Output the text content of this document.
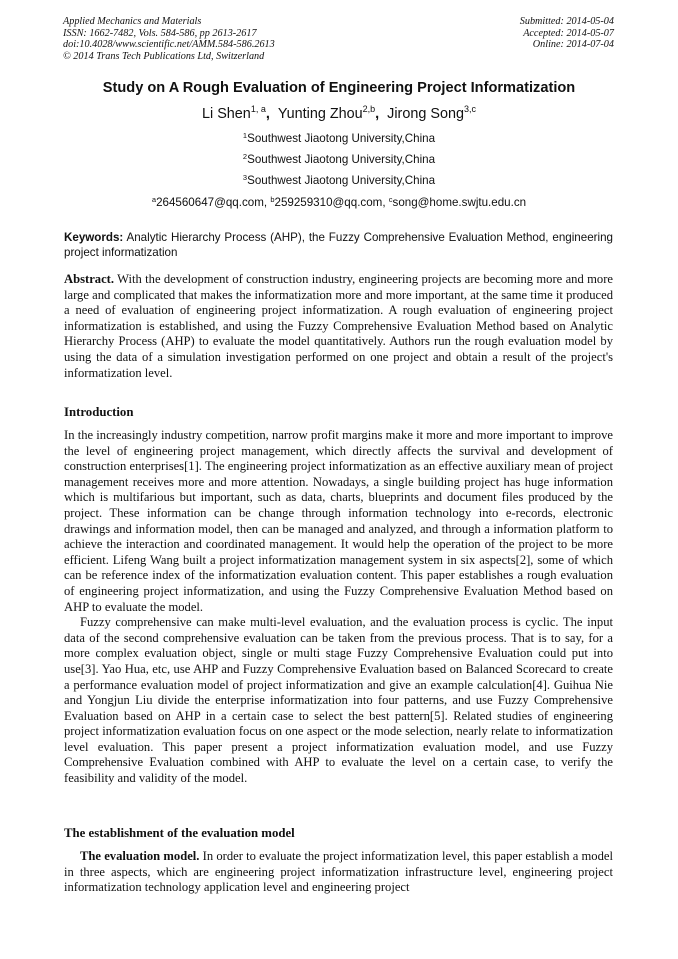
Applied Mechanics and Materials
ISSN: 1662-7482, Vols. 584-586, pp 2613-2617
doi:10.4028/www.scientific.net/AMM.584-586.2613
© 2014 Trans Tech Publications Ltd, Switzerland
Submitted: 2014-05-04
Accepted: 2014-05-07
Online: 2014-07-04
Study on A Rough Evaluation of Engineering Project Informatization
Li Shen$^{1, a}$,  Yunting Zhou$^{2,b}$,  Jirong Song$^{3,c}$
$^1$Southwest Jiaotong University,China
$^2$Southwest Jiaotong University,China
$^3$Southwest Jiaotong University,China
$^a$264560647@qq.com, $^b$259259310@qq.com, $^c$song@home.swjtu.edu.cn
Keywords: Analytic Hierarchy Process (AHP), the Fuzzy Comprehensive Evaluation Method, engineering project informatization

Abstract. With the development of construction industry, engineering projects are becoming more and more large and complicated that makes the informatization more and more important, at the same time it produced a need of evaluation of engineering project informatization. A rough evaluation of engineering project informatization is established, and using the Fuzzy Comprehensive Evaluation Method based on Analytic Hierarchy Process (AHP) to evaluate the model quantitatively. Authors run the rough evaluation model by using the data of a simulation investigation performed on one project and obtain a result of the project's informatization level.

Introduction

In the increasingly industry competition, narrow profit margins make it more and more important to improve the level of engineering project management, which directly affects the survival and development of construction enterprises[1]. The engineering project informatization as an effective auxiliary mean of project management receives more and more attention. Nowadays, a single building project has huge information which is multifarious but important, such as data, charts, blueprints and document files produced by the project. These information can be change through information technology into e-records, electronic drawings and information model, then can be managed and analyzed, and through a information platform to achieve the interaction and coordinated management. It would help the operation of the project to be more efficient. Lifeng Wang built a project informatization management system in six aspects[2], some of which can be reference index of the informatization evaluation content. This paper establishes a rough evaluation of engineering project informatization, and using the Fuzzy Comprehensive Evaluation Method based on AHP to evaluate the model.

Fuzzy comprehensive can make multi-level evaluation, and the evaluation process is cyclic. The input data of the second comprehensive evaluation can be taken from the previous process. That is to say, for a more complex evaluation object, single or multi stage Fuzzy Comprehensive Evaluation could put into use[3]. Yao Hua, etc, use AHP and Fuzzy Comprehensive Evaluation based on Balanced Scorecard to create a performance evaluation model of project informatization and give an example calculation[4]. Guihua Nie and Yongjun Liu divide the enterprise informatization into four patterns, and use Fuzzy Comprehensive Evaluation based on AHP in a certain case to select the best pattern[5]. Related studies of engineering project informatization evaluation focus on one aspect or the mode selection, nearly relate to informatization level evaluation. This paper present a project informatization evaluation model, and use Fuzzy Comprehensive Evaluation combined with AHP to evaluate the level on a certain case, to verify the feasibility and validity of the model.

The establishment of the evaluation model

The evaluation model. In order to evaluate the project informatization level, this paper establish a model in three aspects, which are engineering project informatization infrastructure level, engineering project informatization technology application level and engineering project
